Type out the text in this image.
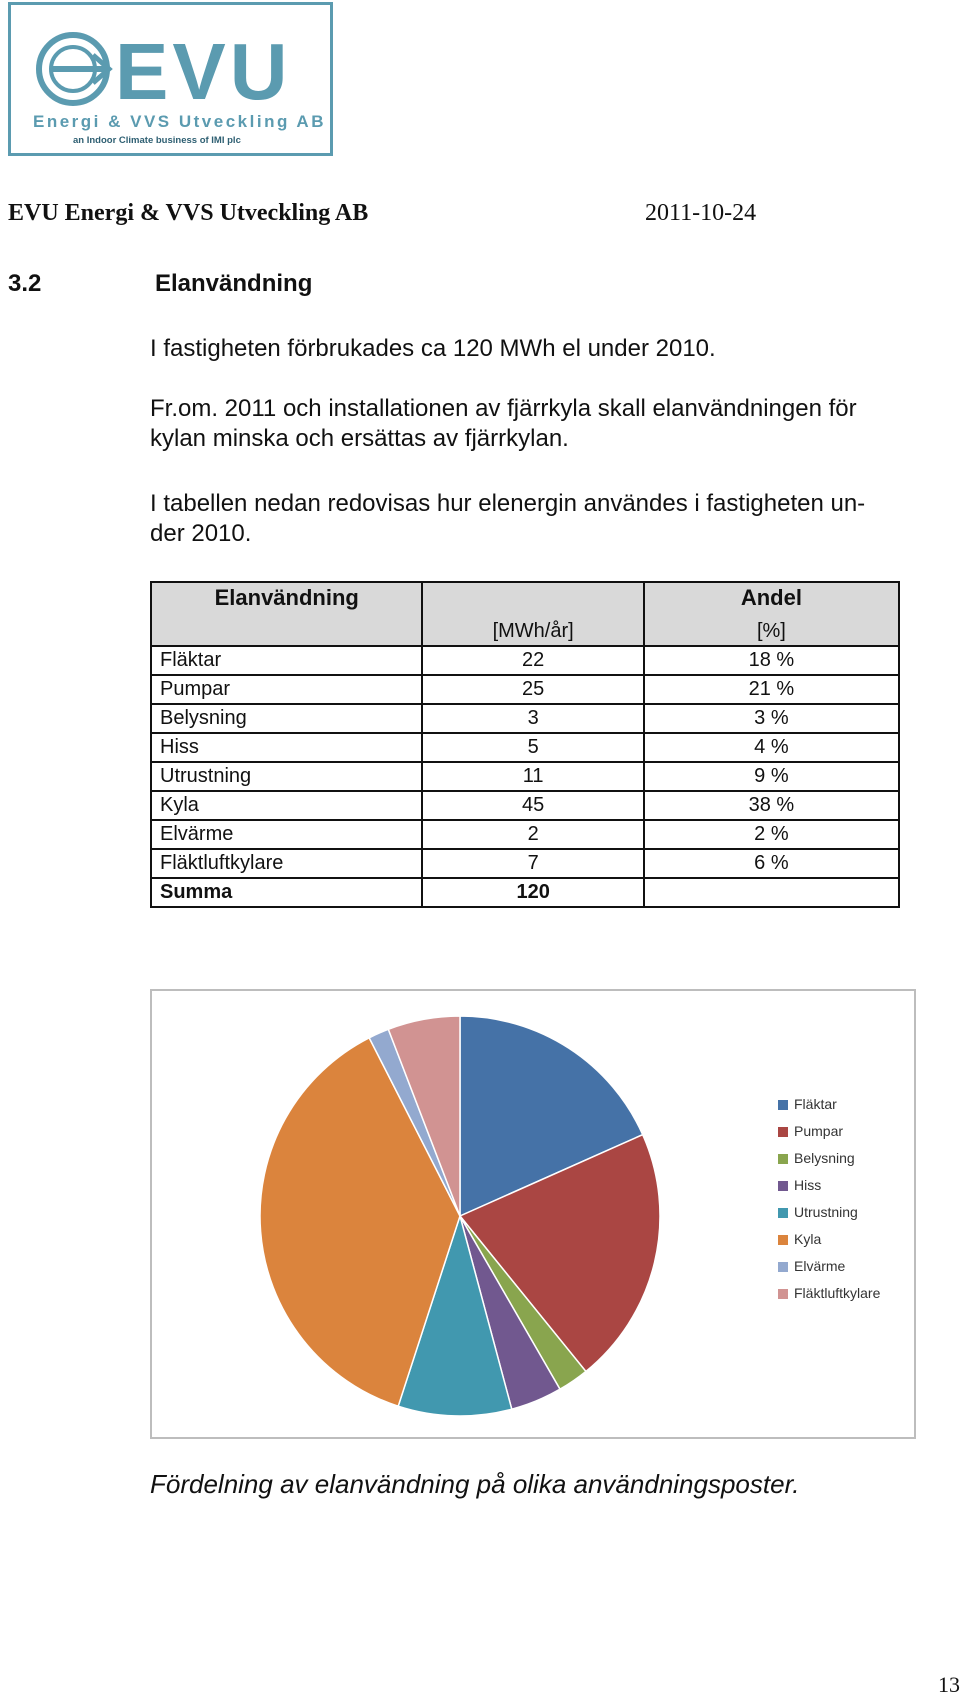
EVU
Energi & VVS Utveckling AB
an Indoor Climate business of IMI plc
EVU Energi & VVS Utveckling AB	2011-10-24
3.2	Elanvändning
I fastigheten förbrukades ca 120 MWh el under 2010.
Fr.om. 2011 och installationen av fjärrkyla skall elanvändningen för
kylan minska och ersättas av fjärrkylan.
I tabellen nedan redovisas hur elenergin användes i fastigheten un-
der 2010.
Elanvändning	[MWh/år]	Andel
[%]

Fläktar	22	18 %
Pumpar	25	21 %
Belysning	3	3 %
Hiss	5	4 %
Utrustning	11	9 %
Kyla	45	38 %
Elvärme	2	2 %
Fläktluftkylare	7	6 %
Summa	120	
Fläktar
Pumpar
Belysning
Hiss
Utrustning
Kyla
Elvärme
Fläktluftkylare
Fördelning av elanvändning på olika användningsposter.
13
